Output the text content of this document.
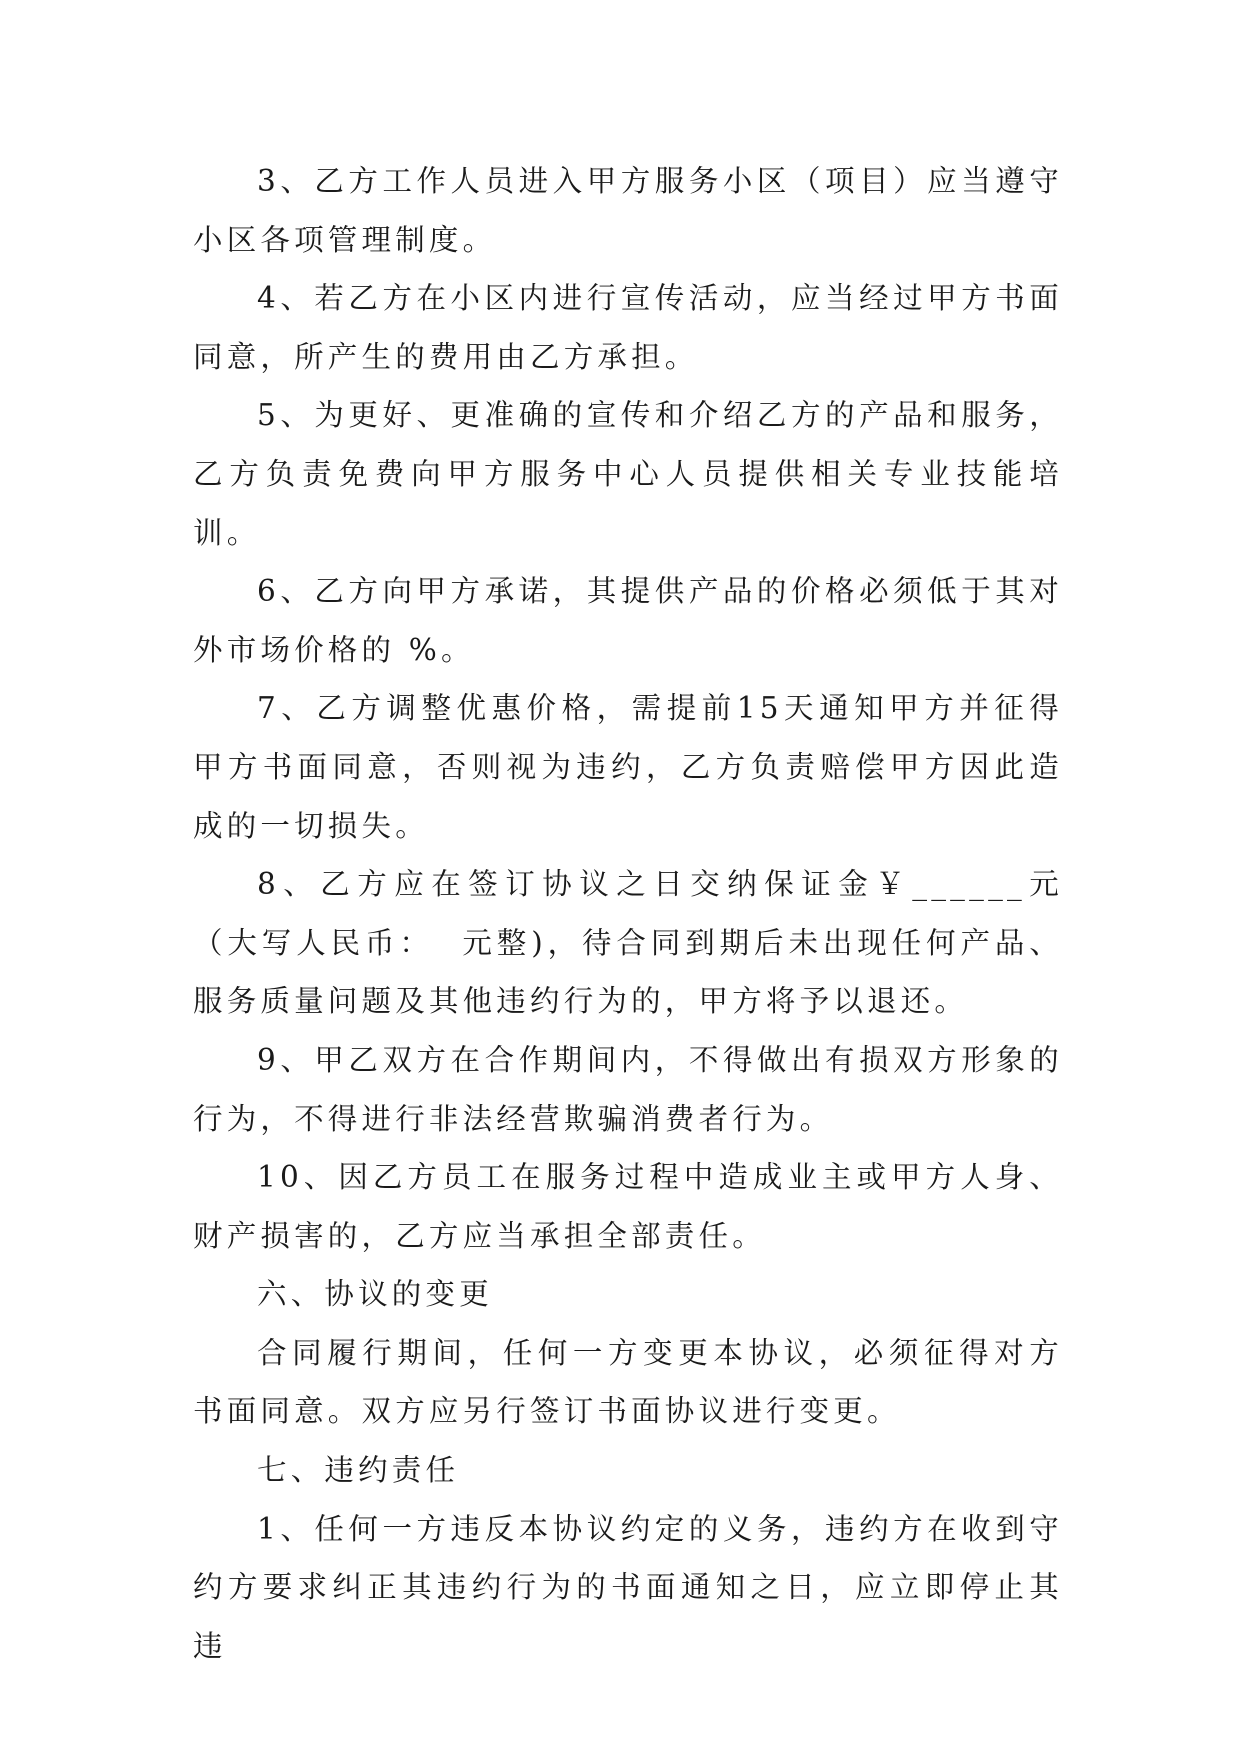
3、乙方工作人员进入甲方服务小区（项目）应当遵守小区各项管理制度。

4、若乙方在小区内进行宣传活动，应当经过甲方书面同意，所产生的费用由乙方承担。

5、为更好、更准确的宣传和介绍乙方的产品和服务，乙方负责免费向甲方服务中心人员提供相关专业技能培训。

6、乙方向甲方承诺，其提供产品的价格必须低于其对外市场价格的 %。

7、乙方调整优惠价格，需提前15天通知甲方并征得甲方书面同意，否则视为违约，乙方负责赔偿甲方因此造成的一切损失。

8、乙方应在签订协议之日交纳保证金￥______元（大写人民币：  元整)，待合同到期后未出现任何产品、服务质量问题及其他违约行为的，甲方将予以退还。

9、甲乙双方在合作期间内，不得做出有损双方形象的行为，不得进行非法经营欺骗消费者行为。

10、因乙方员工在服务过程中造成业主或甲方人身、财产损害的，乙方应当承担全部责任。

六、协议的变更

合同履行期间，任何一方变更本协议，必须征得对方书面同意。双方应另行签订书面协议进行变更。

七、违约责任

1、任何一方违反本协议约定的义务，违约方在收到守约方要求纠正其违约行为的书面通知之日，应立即停止其违
